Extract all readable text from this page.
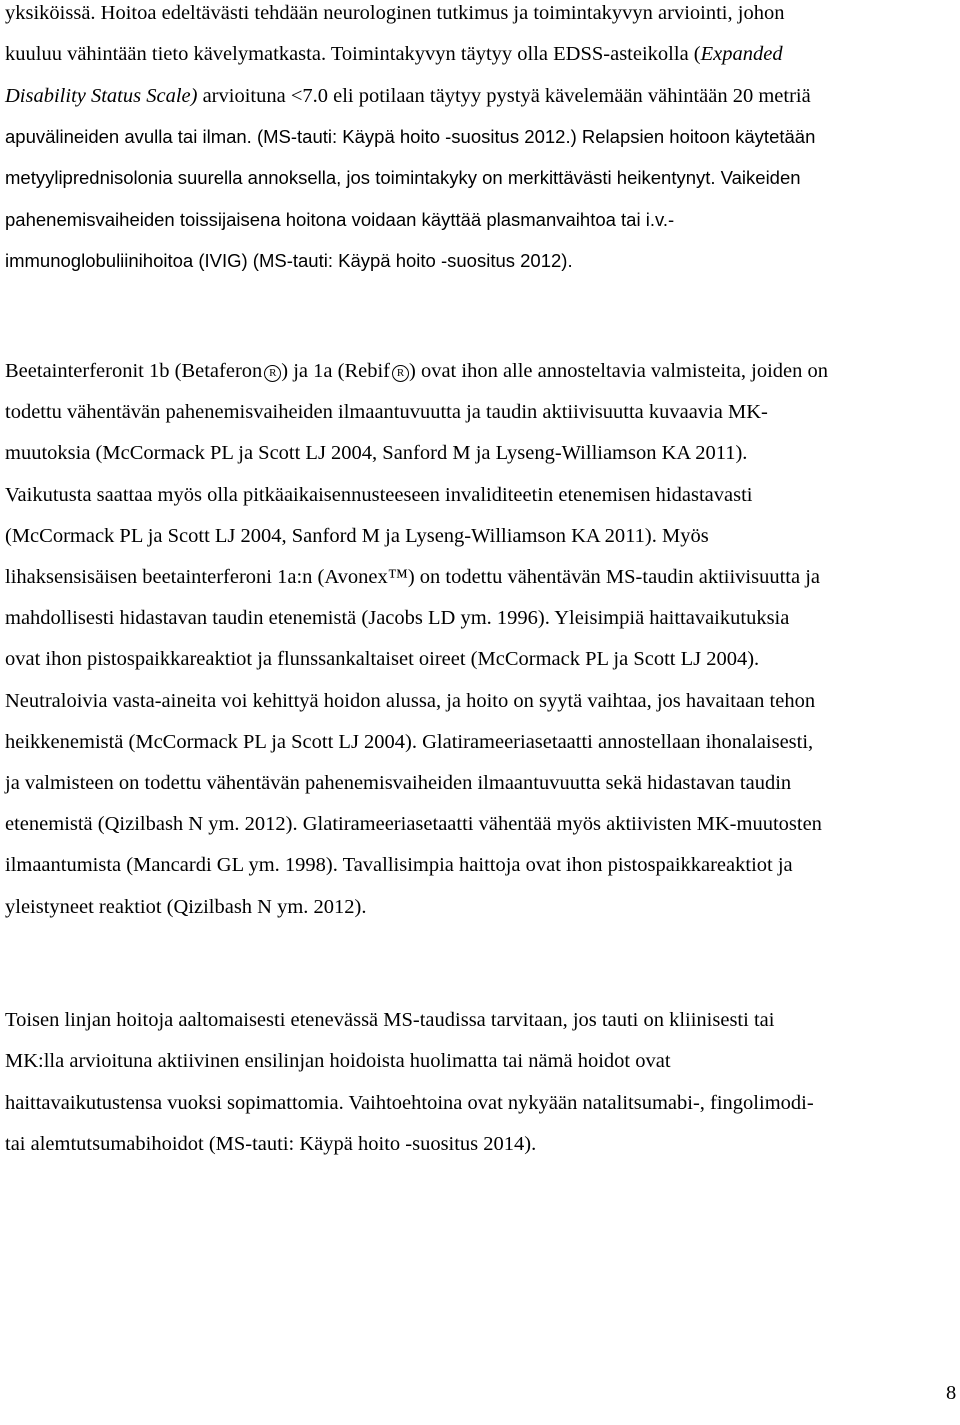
yksiköissä. Hoitoa edeltävästi tehdään neurologinen tutkimus ja toimintakyvyn arviointi, johon
kuuluu vähintään tieto kävelymatkasta. Toimintakyvyn täytyy olla EDSS-asteikolla (Expanded
Disability Status Scale) arvioituna <7.0 eli potilaan täytyy pystyä kävelemään vähintään 20 metriä
apuvälineiden avulla tai ilman. (MS-tauti: Käypä hoito -suositus 2012.) Relapsien hoitoon käytetään
metyyliprednisolonia suurella annoksella, jos toimintakyky on merkittävästi heikentynyt. Vaikeiden
pahenemisvaiheiden toissijaisena hoitona voidaan käyttää plasmanvaihtoa tai i.v.-
immunoglobuliinihoitoa (IVIG) (MS-tauti: Käypä hoito -suositus 2012).
Beetainterferonit 1b (Betaferon R ) ja 1a (Rebif R ) ovat ihon alle annosteltavia valmisteita, joiden on
todettu vähentävän pahenemisvaiheiden ilmaantuvuutta ja taudin aktiivisuutta kuvaavia MK-
muutoksia (McCormack PL ja Scott LJ 2004, Sanford M ja Lyseng-Williamson KA 2011).
Vaikutusta saattaa myös olla pitkäaikaisennusteeseen invaliditeetin etenemisen hidastavasti
(McCormack PL ja Scott LJ 2004, Sanford M ja Lyseng-Williamson KA 2011). Myös
lihaksensisäisen beetainterferoni 1a:n (Avonex™) on todettu vähentävän MS-taudin aktiivisuutta ja
mahdollisesti hidastavan taudin etenemistä (Jacobs LD ym. 1996). Yleisimpiä haittavaikutuksia
ovat ihon pistospaikkareaktiot ja flunssankaltaiset oireet (McCormack PL ja Scott LJ 2004).
Neutraloivia vasta-aineita voi kehittyä hoidon alussa, ja hoito on syytä vaihtaa, jos havaitaan tehon
heikkenemistä (McCormack PL ja Scott LJ 2004). Glatirameeriasetaatti annostellaan ihonalaisesti,
ja valmisteen on todettu vähentävän pahenemisvaiheiden ilmaantuvuutta sekä hidastavan taudin
etenemistä (Qizilbash N ym. 2012). Glatirameeriasetaatti vähentää myös aktiivisten MK-muutosten
ilmaantumista (Mancardi GL ym. 1998). Tavallisimpia haittoja ovat ihon pistospaikkareaktiot ja
yleistyneet reaktiot (Qizilbash N ym. 2012).
Toisen linjan hoitoja aaltomaisesti etenevässä MS-taudissa tarvitaan, jos tauti on kliinisesti tai
MK:lla arvioituna aktiivinen ensilinjan hoidoista huolimatta tai nämä hoidot ovat
haittavaikutustensa vuoksi sopimattomia. Vaihtoehtoina ovat nykyään natalitsumabi-, fingolimodi-
tai alemtutsumabihoidot (MS-tauti: Käypä hoito -suositus 2014).
8
